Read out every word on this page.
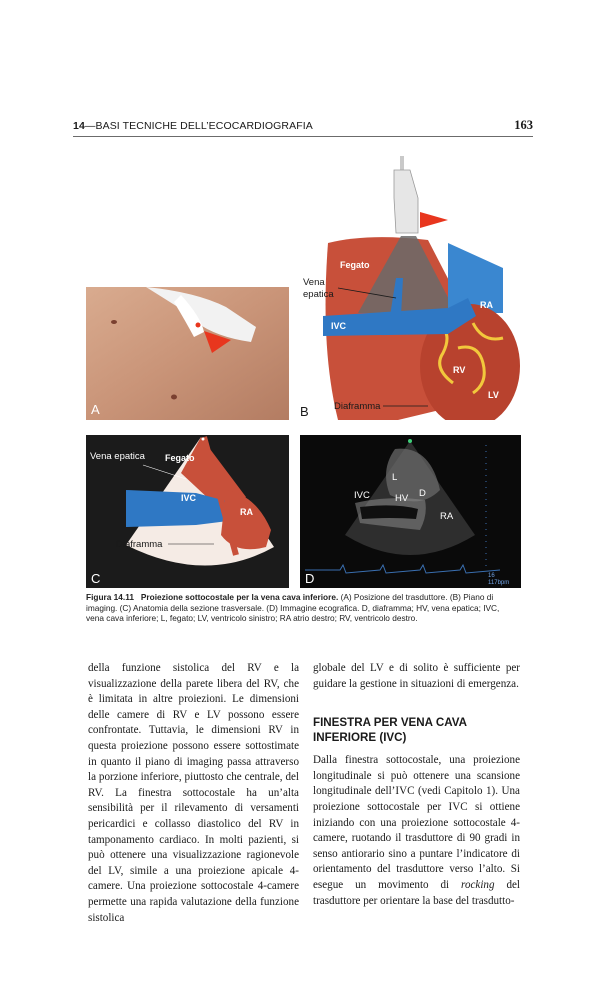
14—BASI TECNICHE DELL’ECOCARDIOGRAFIA	163
Fegato
Vena
epatica
IVC
RA
RV
LV
Diaframma
B
A
Vena epatica Fegato
IVC
RA
Diaframma
C
L
IVC	HV D
RA
16
117bpm
D
Figura 14.11 Proiezione sottocostale per la vena cava inferiore. (A) Posizione del trasduttore. (B) Piano di imaging. (C) Anatomia della sezione trasversale. (D) Immagine ecografica. D, diaframma; HV, vena epatica; IVC, vena cava inferiore; L, fegato; LV, ventricolo sinistro; RA atrio destro; RV, ventricolo destro.

della funzione sistolica del RV e la visualizzazione della parete libera del RV, che è limitata in altre proiezioni. Le dimensioni delle camere di RV e LV possono essere confrontate. Tuttavia, le dimensioni RV in questa proiezione possono essere sottostimate in quanto il piano di imaging passa attraverso la porzione inferiore, piuttosto che centrale, del RV. La finestra sottocostale ha un’alta sensibilità per il rilevamento di versamenti pericardici e collasso diastolico del RV in tamponamento cardiaco. In molti pazienti, si può ottenere una visualizzazione ragionevole del LV, simile a una proiezione apicale 4-camere. Una proiezione sottocostale 4-camere permette una rapida valutazione della funzione sistolica

globale del LV e di solito è sufficiente per guidare la gestione in situazioni di emergenza.

FINESTRA PER VENA CAVA INFERIORE (IVC)

Dalla finestra sottocostale, una proiezione longitudinale si può ottenere una scansione longitudinale dell’IVC (vedi Capitolo 1). Una proiezione sottocostale per IVC si ottiene iniziando con una proiezione sottocostale 4-camere, ruotando il trasduttore di 90 gradi in senso antiorario sino a puntare l’indicatore di orientamento del trasduttore verso l’alto. Si esegue un movimento di rocking del trasduttore per orientare la base del trasdutto-
